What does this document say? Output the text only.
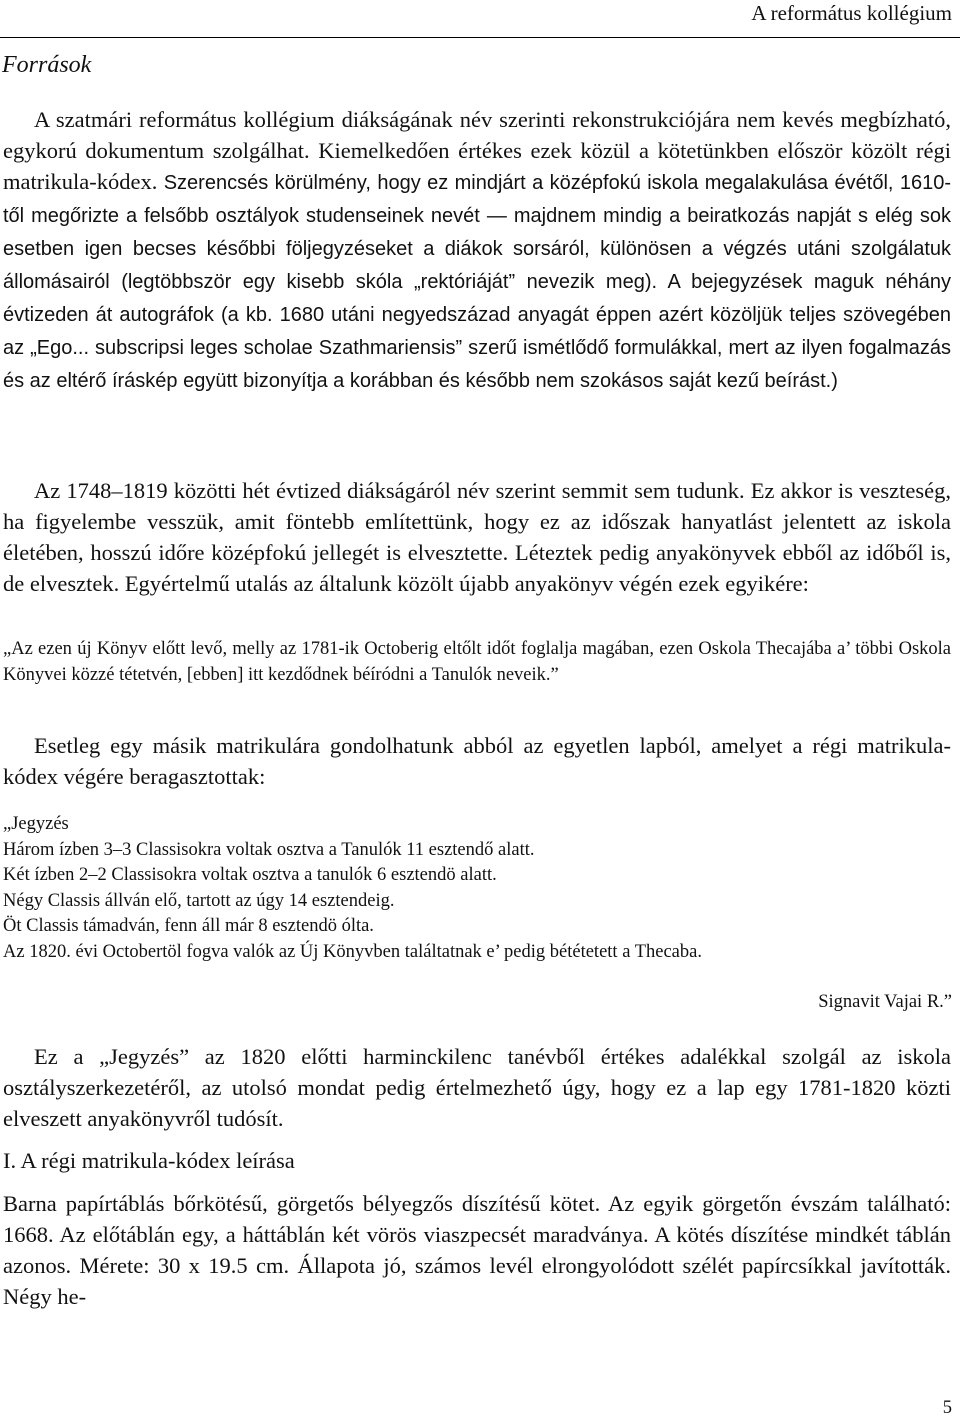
A református kollégium
Források

A szatmári református kollégium diákságának név szerinti rekonstrukciójára nem kevés megbízható, egykorú dokumentum szolgálhat. Kiemelkedően értékes ezek közül a kötetünkben először közölt régi matrikula-kódex. Szerencsés körülmény, hogy ez mindjárt a középfokú iskola megalakulása évétől, 1610-től megőrizte a felsőbb osztályok studenseinek nevét — majdnem mindig a beiratkozás napját s elég sok esetben igen becses későbbi följegyzéseket a diákok sorsáról, különösen a végzés utáni szolgálatuk állomásairól (legtöbbször egy kisebb skóla „rektóriáját” nevezik meg). A bejegyzések maguk néhány évtizeden át autográfok (a kb. 1680 utáni negyedszázad anyagát éppen azért közöljük teljes szövegében az „Ego... subscripsi leges scholae Szathmariensis” szerű ismétlődő formulákkal, mert az ilyen fogalmazás és az eltérő íráskép együtt bizonyítja a korábban és később nem szokásos saját kezű beírást.)

Az 1748–1819 közötti hét évtized diákságáról név szerint semmit sem tudunk. Ez akkor is veszteség, ha figyelembe vesszük, amit föntebb említettünk, hogy ez az időszak hanyatlást jelentett az iskola életében, hosszú időre középfokú jellegét is elvesztette. Léteztek pedig anyakönyvek ebből az időből is, de elvesztek. Egyértelmű utalás az általunk közölt újabb anyakönyv végén ezek egyikére:

„Az ezen új Könyv előtt levő, melly az 1781-ik Octoberig eltőlt időt foglalja magában, ezen Oskola Thecajába a’ többi Oskola Könyvei közzé tétetvén, [ebben] itt kezdődnek béíródni a Tanulók neveik.”

Esetleg egy másik matrikulára gondolhatunk abból az egyetlen lapból, amelyet a régi matrikula-kódex végére beragasztottak:

„Jegyzés

Három ízben 3–3 Classisokra voltak osztva a Tanulók 11 esztendő alatt.

Két ízben 2–2 Classisokra voltak osztva a tanulók 6 esztendö alatt.

Négy Classis állván elő, tartott az úgy 14 esztendeig.

Öt Classis támadván, fenn áll már 8 esztendö ólta.

Az 1820. évi Octobertöl fogva valók az Új Könyvben találtatnak e’ pedig bététetett a Thecaba.

Signavit Vajai R.”

Ez a „Jegyzés” az 1820 előtti harminckilenc tanévből értékes adalékkal szolgál az iskola osztályszerkezetéről, az utolsó mondat pedig értelmezhető úgy, hogy ez a lap egy 1781-1820 közti elveszett anyakönyvről tudósít.

I. A régi matrikula-kódex leírása

Barna papírtáblás bőrkötésű, görgetős bélyegzős díszítésű kötet. Az egyik görgetőn évszám található: 1668. Az előtáblán egy, a háttáblán két vörös viaszpecsét maradványa. A kötés díszítése mindkét táblán azonos. Mérete: 30 x 19.5 cm. Állapota jó, számos levél elrongyolódott szélét papírcsíkkal javították. Négy he-

5
